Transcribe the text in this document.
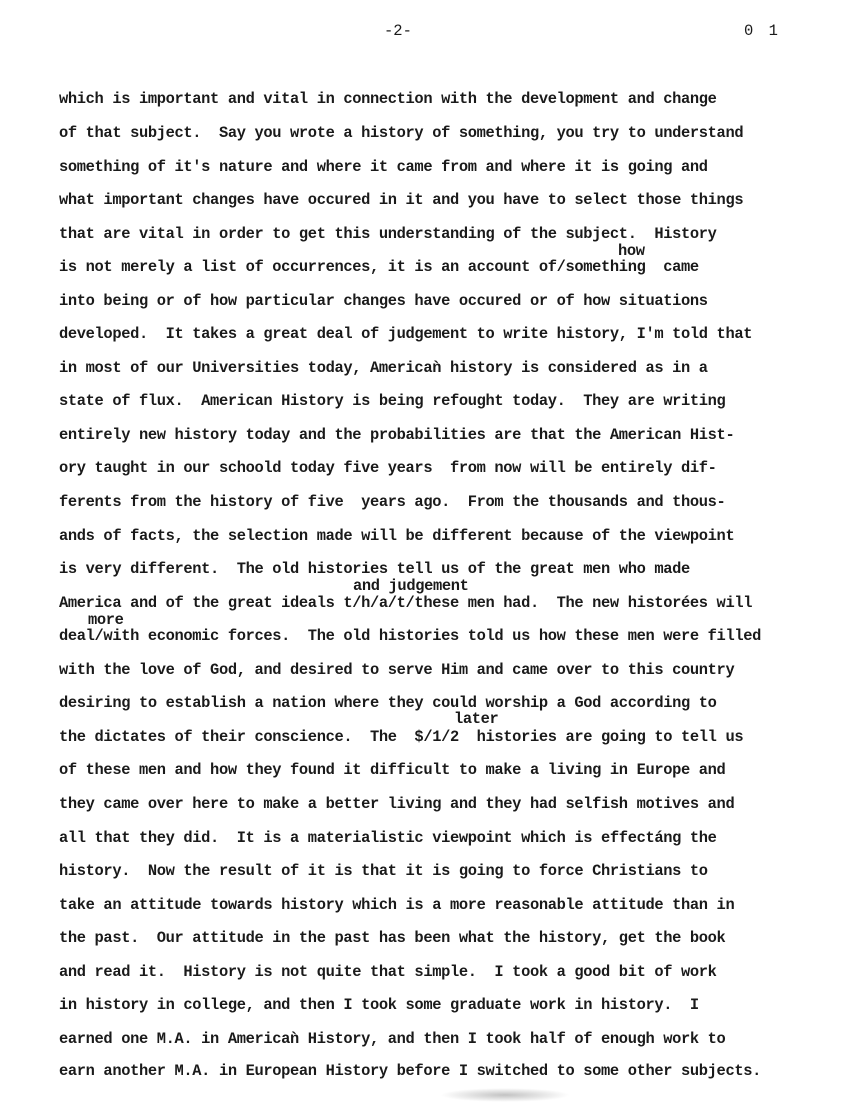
-2-	0 1
how
and judgement
more
later
which is important and vital in connection with the development and change
of that subject.  Say you wrote a history of something, you try to understand
something of it's nature and where it came from and where it is going and
what important changes have occured in it and you have to select those things
that are vital in order to get this understanding of the subject.  History
is not merely a list of occurrences, it is an account of/something  came
into being or of how particular changes have occured or of how situations
developed.  It takes a great deal of judgement to write history, I'm told that
in most of our Universities today, Americaǹ history is considered as in a
state of flux.  American History is being refought today.  They are writing
entirely new history today and the probabilities are that the American Hist-
ory taught in our schoold today five years  from now will be entirely dif-
ferents from the history of five  years ago.  From the thousands and thous-
ands of facts, the selection made will be different because of the viewpoint
is very different.  The old histories tell us of the great men who made
America and of the great ideals t/h/a/t/these men had.  The new historées will
deal/with economic forces.  The old histories told us how these men were filled
with the love of God, and desired to serve Him and came over to this country
desiring to establish a nation where they could worship a God according to
the dictates of their conscience.  The  $/1/2  histories are going to tell us
of these men and how they found it difficult to make a living in Europe and
they came over here to make a better living and they had selfish motives and
all that they did.  It is a materialistic viewpoint which is effectáng the
history.  Now the result of it is that it is going to force Christians to
take an attitude towards history which is a more reasonable attitude than in
the past.  Our attitude in the past has been what the history, get the book
and read it.  History is not quite that simple.  I took a good bit of work
in history in college, and then I took some graduate work in history.  I
earned one M.A. in Americaǹ History, and then I took half of enough work to
earn another M.A. in European History before I switched to some other subjects.
